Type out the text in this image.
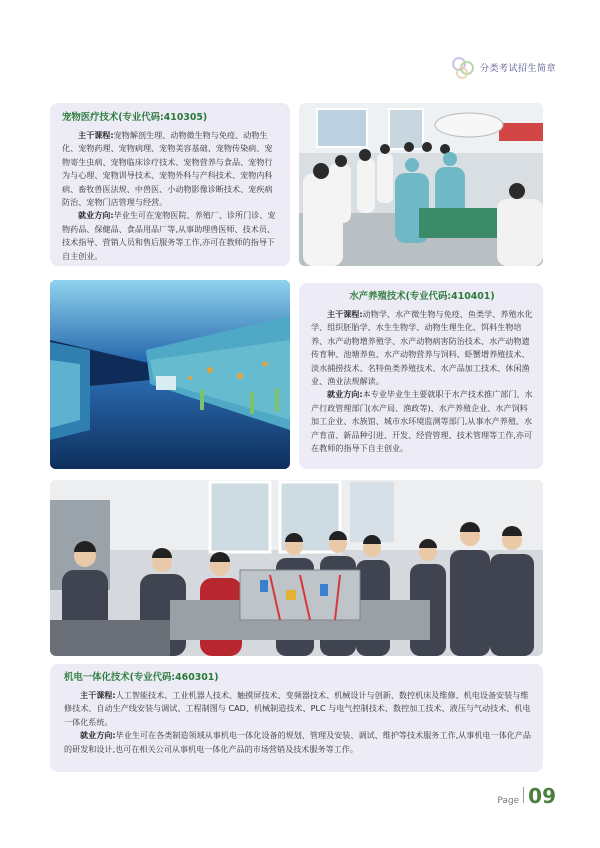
分类考试招生简章
宠物医疗技术(专业代码:410305)

主干课程:宠物解剖生理、动物微生物与免疫、动物生化、宠物药理、宠物病理、宠物美容基础、宠物传染病、宠物寄生虫病、宠物临床诊疗技术、宠物营养与食品、宠物行为与心理、宠物训导技术、宠物外科与产科技术、宠物内科病、畜牧兽医法规、中兽医、小动物影像诊断技术、宠疾病防治、宠物门店管理与经营。

就业方向:毕业生可在宠物医院、养殖厂、诊所门诊、宠物药品、保健品、食品用品厂等,从事助理兽医师、技术员、技术指导、营销人员和售后服务等工作,亦可在教师的指导下自主创业。

水产养殖技术(专业代码:410401)

主干课程:动物学、水产微生物与免疫、鱼类学、养殖水化学、组织胚胎学、水生生物学、动物生理生化、饵料生物培养、水产动物增养殖学、水产动物病害防治技术、水产动物遗传育种、池塘养鱼、水产动物营养与饲料、虾蟹增养殖技术、淡水捕捞技术、名特鱼类养殖技术、水产品加工技术、休闲渔业、渔业法规解读。

就业方向:本专业毕业生主要就职于水产技术推广部门、水产行政管理部门(水产局、渔政等)、水产养殖企业、水产饲料加工企业、水族馆、城市水环境监测等部门,从事水产养殖、水产育苗、新品种引进、开发、经营管理、技术管理等工作,亦可在教师的指导下自主创业。

机电一体化技术(专业代码:460301)

主干课程:人工智能技术、工业机器人技术、触摸屏技术、变频器技术、机械设计与创新、数控机床及维修、机电设备安装与维修技术、自动生产线安装与调试、工程制图与 CAD、机械制造技术、PLC 与电气控制技术、数控加工技术、液压与气动技术、机电一体化系统。

就业方向:毕业生可在各类制造领域从事机电一体化设备的规划、管理及安装、调试、维护等技术服务工作,从事机电一体化产品的研发和设计,也可在相关公司从事机电一体化产品的市场营销及技术服务等工作。

Page 09
